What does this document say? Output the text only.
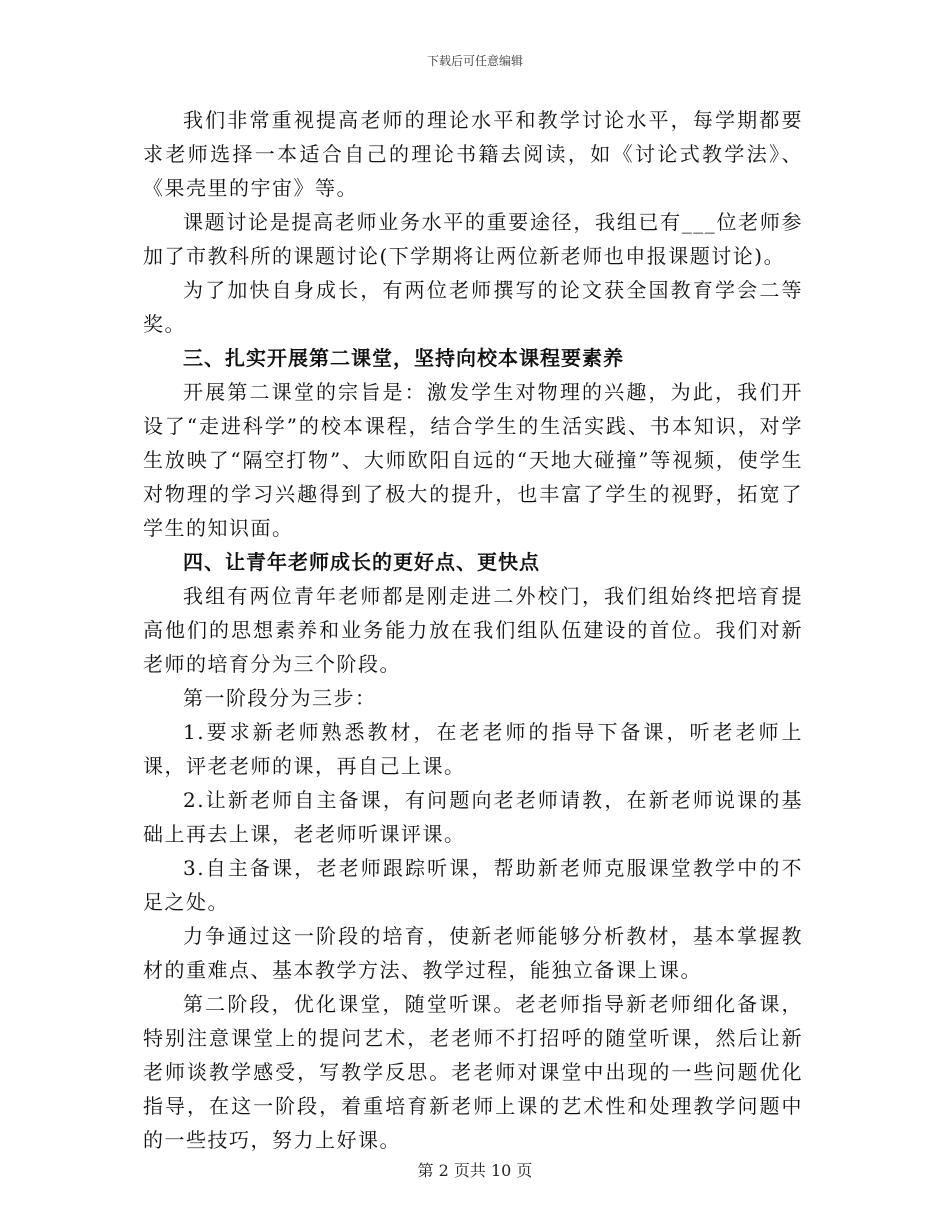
下载后可任意编辑

我们非常重视提高老师的理论水平和教学讨论水平，每学期都要求老师选择一本适合自己的理论书籍去阅读，如《讨论式教学法》、《果壳里的宇宙》等。

课题讨论是提高老师业务水平的重要途径，我组已有___位老师参加了市教科所的课题讨论(下学期将让两位新老师也申报课题讨论)。

为了加快自身成长，有两位老师撰写的论文获全国教育学会二等奖。

三、扎实开展第二课堂，坚持向校本课程要素养

开展第二课堂的宗旨是：激发学生对物理的兴趣，为此，我们开设了“走进科学”的校本课程，结合学生的生活实践、书本知识，对学生放映了“隔空打物”、大师欧阳自远的“天地大碰撞”等视频，使学生对物理的学习兴趣得到了极大的提升，也丰富了学生的视野，拓宽了学生的知识面。

四、让青年老师成长的更好点、更快点

我组有两位青年老师都是刚走进二外校门，我们组始终把培育提高他们的思想素养和业务能力放在我们组队伍建设的首位。我们对新老师的培育分为三个阶段。

第一阶段分为三步：

1.要求新老师熟悉教材，在老老师的指导下备课，听老老师上课，评老老师的课，再自己上课。

2.让新老师自主备课，有问题向老老师请教，在新老师说课的基础上再去上课，老老师听课评课。

3.自主备课，老老师跟踪听课，帮助新老师克服课堂教学中的不足之处。

力争通过这一阶段的培育，使新老师能够分析教材，基本掌握教材的重难点、基本教学方法、教学过程，能独立备课上课。

第二阶段，优化课堂，随堂听课。老老师指导新老师细化备课，特别注意课堂上的提问艺术，老老师不打招呼的随堂听课，然后让新老师谈教学感受，写教学反思。老老师对课堂中出现的一些问题优化指导，在这一阶段，着重培育新老师上课的艺术性和处理教学问题中的一些技巧，努力上好课。

第 2 页共 10 页
